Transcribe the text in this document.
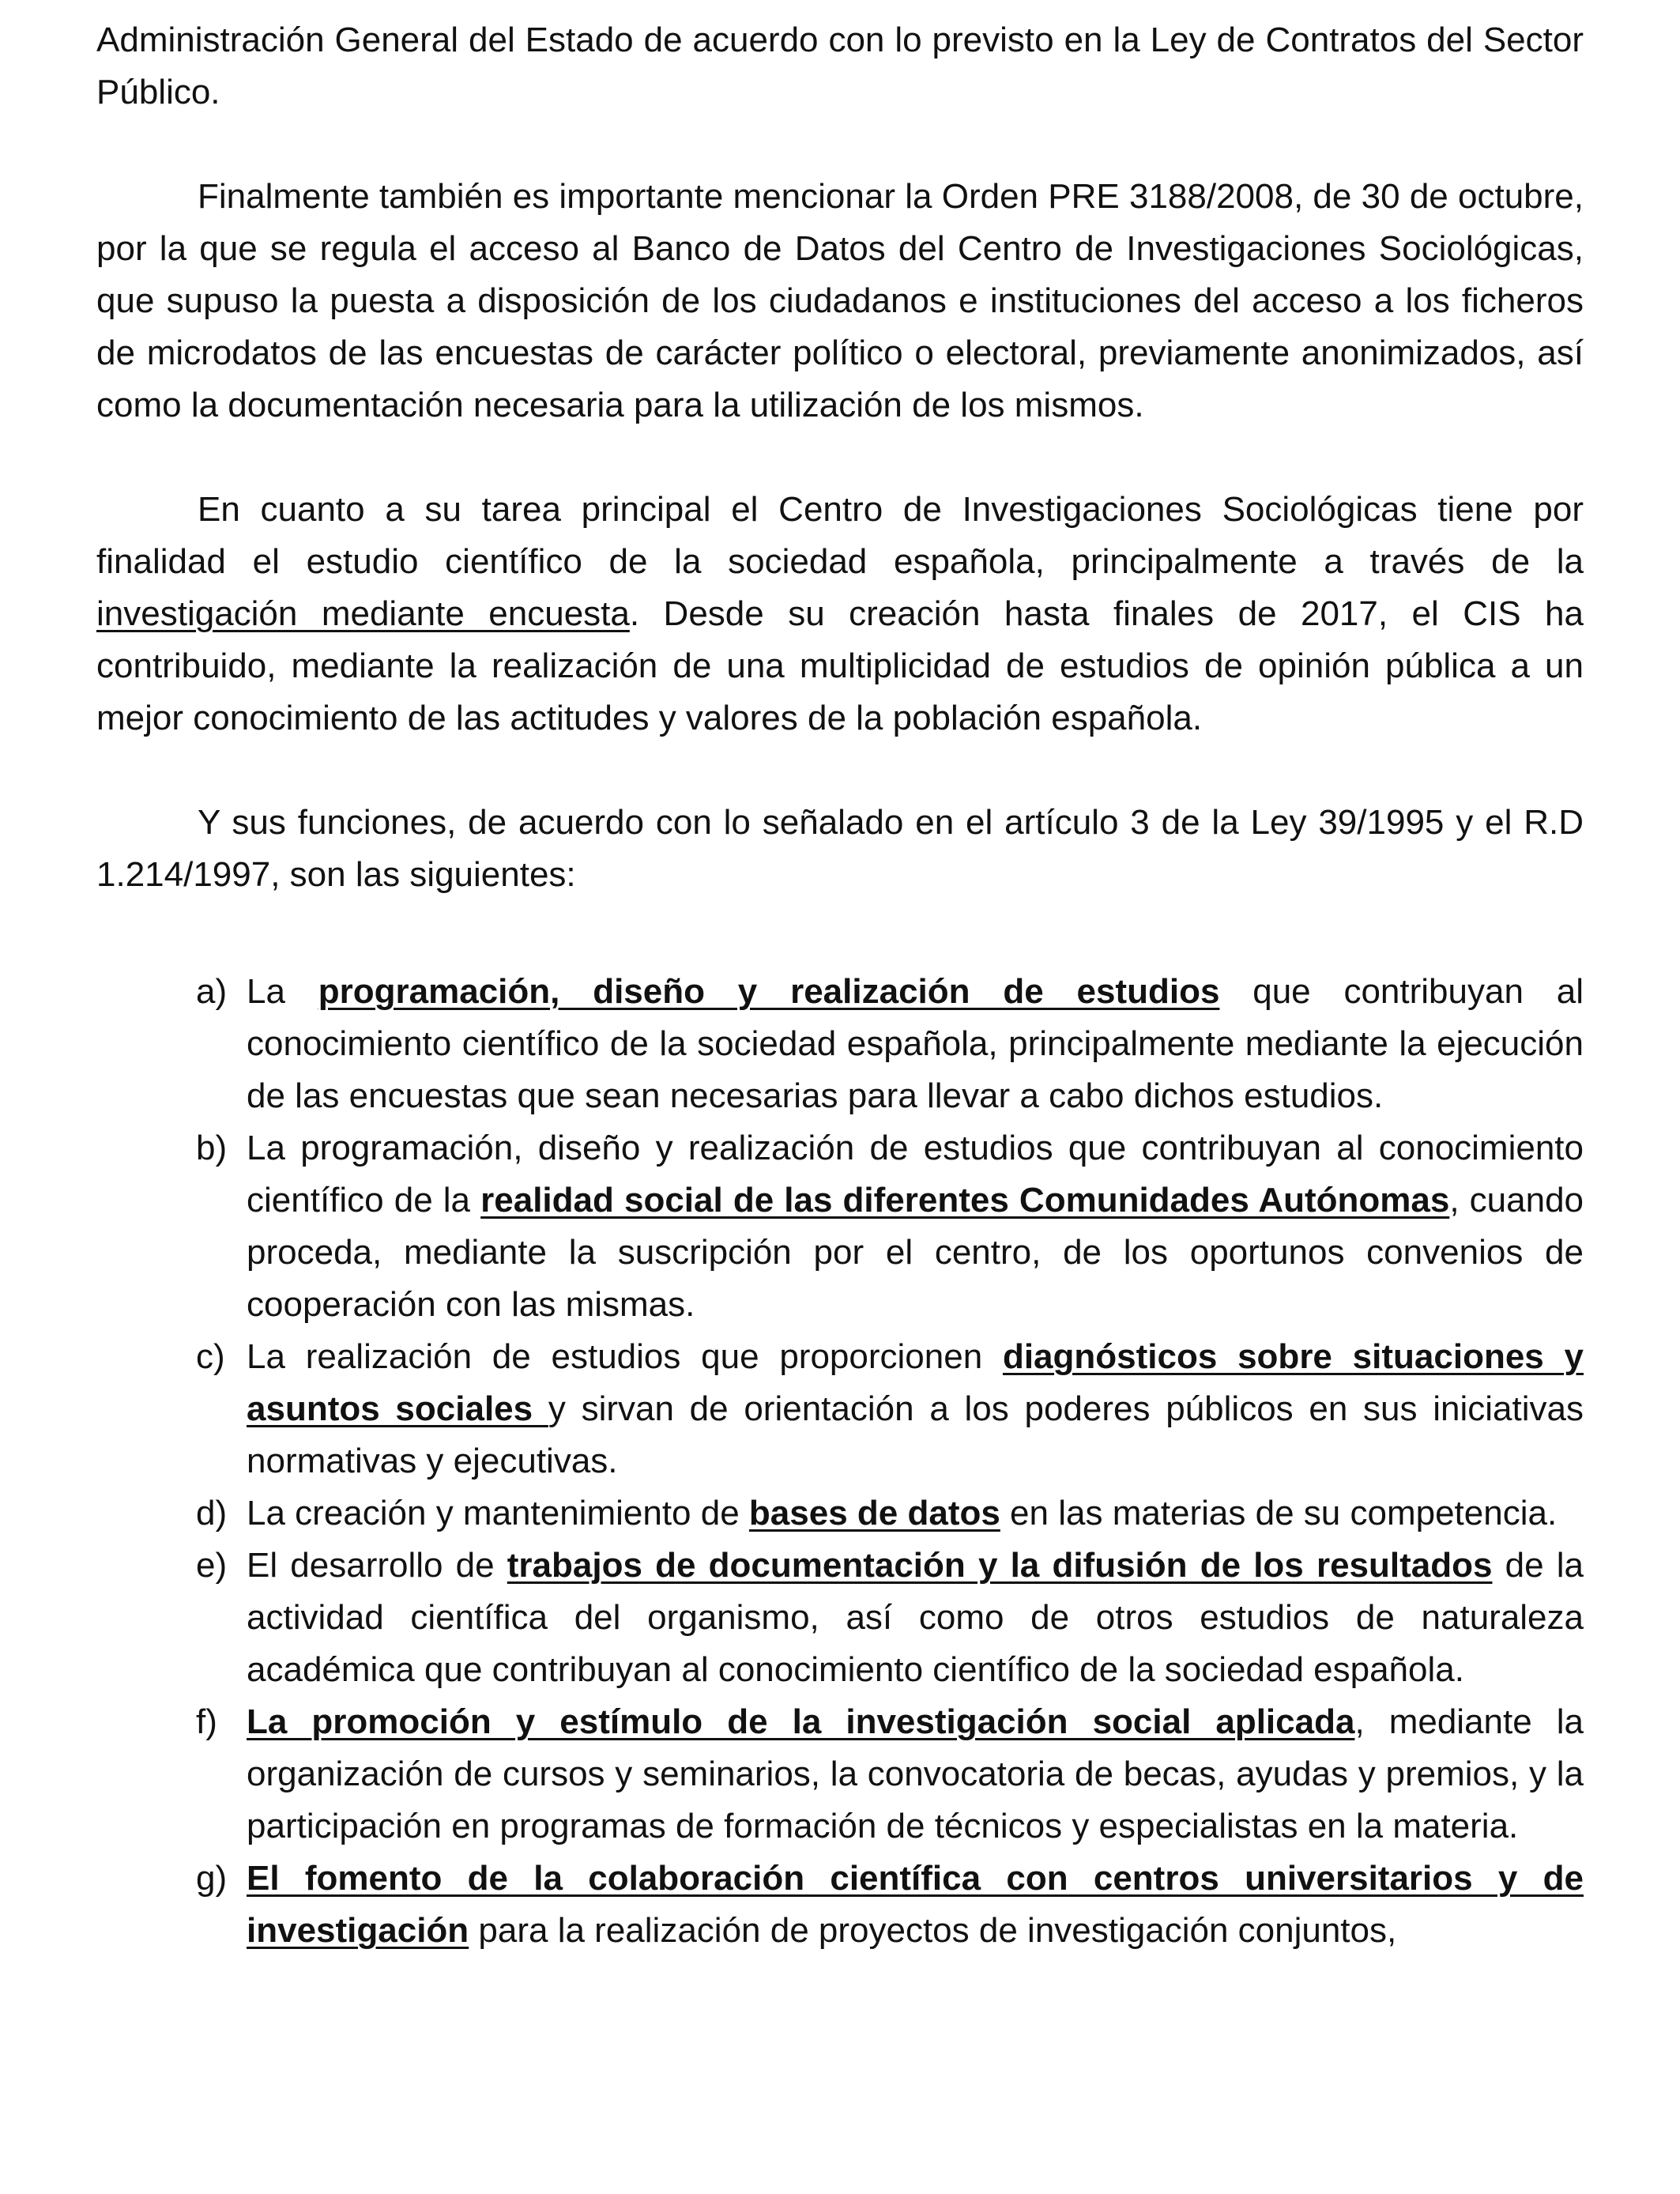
Administración General del Estado de acuerdo con lo previsto en la Ley de Contratos del Sector Público.

Finalmente también es importante mencionar la Orden PRE 3188/2008, de 30 de octubre, por la que se regula el acceso al Banco de Datos del Centro de Investigaciones Sociológicas, que supuso la puesta a disposición de los ciudadanos e instituciones del acceso a los ficheros de microdatos de las encuestas de carácter político o electoral, previamente anonimizados, así como la documentación necesaria para la utilización de los mismos.

En cuanto a su tarea principal el Centro de Investigaciones Sociológicas tiene por finalidad el estudio científico de la sociedad española, principalmente a través de la investigación mediante encuesta. Desde su creación hasta finales de 2017, el CIS ha contribuido, mediante la realización de una multiplicidad de estudios de opinión pública a un mejor conocimiento de las actitudes y valores de la población española.

Y sus funciones, de acuerdo con lo señalado en el artículo 3 de la Ley 39/1995 y el R.D 1.214/1997, son las siguientes:

a) La programación, diseño y realización de estudios que contribuyan al conocimiento científico de la sociedad española, principalmente mediante la ejecución de las encuestas que sean necesarias para llevar a cabo dichos estudios.
b) La programación, diseño y realización de estudios que contribuyan al conocimiento científico de la realidad social de las diferentes Comunidades Autónomas, cuando proceda, mediante la suscripción por el centro, de los oportunos convenios de cooperación con las mismas.
c) La realización de estudios que proporcionen diagnósticos sobre situaciones y asuntos sociales y sirvan de orientación a los poderes públicos en sus iniciativas normativas y ejecutivas.
d) La creación y mantenimiento de bases de datos en las materias de su competencia.
e) El desarrollo de trabajos de documentación y la difusión de los resultados de la actividad científica del organismo, así como de otros estudios de naturaleza académica que contribuyan al conocimiento científico de la sociedad española.
f) La promoción y estímulo de la investigación social aplicada, mediante la organización de cursos y seminarios, la convocatoria de becas, ayudas y premios, y la participación en programas de formación de técnicos y especialistas en la materia.
g) El fomento de la colaboración científica con centros universitarios y de investigación para la realización de proyectos de investigación conjuntos,
